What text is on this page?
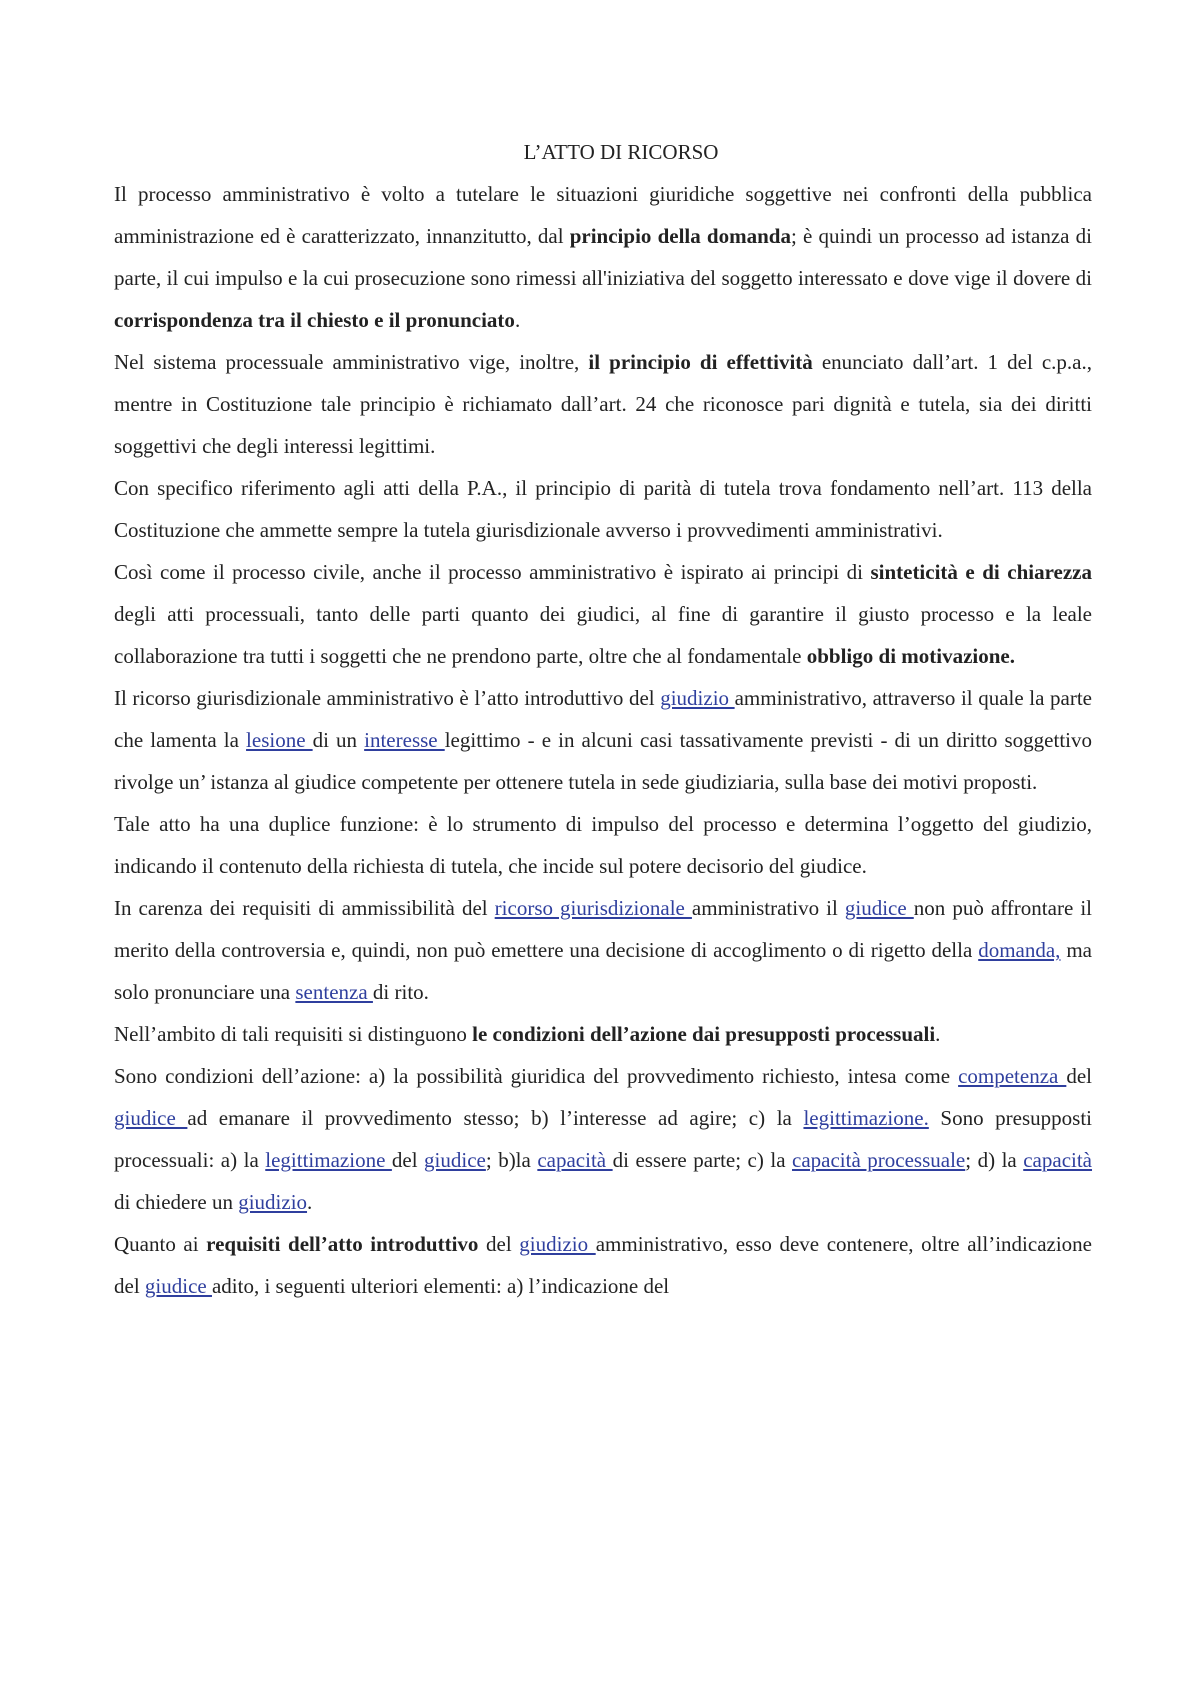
L’ATTO DI RICORSO

Il processo amministrativo è volto a tutelare le situazioni giuridiche soggettive nei confronti della pubblica amministrazione ed è caratterizzato, innanzitutto, dal principio della domanda; è quindi un processo ad istanza di parte, il cui impulso e la cui prosecuzione sono rimessi all'iniziativa del soggetto interessato e dove vige il dovere di corrispondenza tra il chiesto e il pronunciato.

Nel sistema processuale amministrativo vige, inoltre, il principio di effettività enunciato dall’art. 1 del c.p.a., mentre in Costituzione tale principio è richiamato dall’art. 24 che riconosce pari dignità e tutela, sia dei diritti soggettivi che degli interessi legittimi.

Con specifico riferimento agli atti della P.A., il principio di parità di tutela trova fondamento nell’art. 113 della Costituzione che ammette sempre la tutela giurisdizionale avverso i provvedimenti amministrativi.

Così come il processo civile, anche il processo amministrativo è ispirato ai principi di sinteticità e di chiarezza degli atti processuali, tanto delle parti quanto dei giudici, al fine di garantire il giusto processo e la leale collaborazione tra tutti i soggetti che ne prendono parte, oltre che al fondamentale obbligo di motivazione.

Il ricorso giurisdizionale amministrativo è l’atto introduttivo del giudizio amministrativo, attraverso il quale la parte che lamenta la lesione di un interesse legittimo - e in alcuni casi tassativamente previsti - di un diritto soggettivo rivolge un’ istanza al giudice competente per ottenere tutela in sede giudiziaria, sulla base dei motivi proposti.

Tale atto ha una duplice funzione: è lo strumento di impulso del processo e determina l’oggetto del giudizio, indicando il contenuto della richiesta di tutela, che incide sul potere decisorio del giudice.

In carenza dei requisiti di ammissibilità del ricorso giurisdizionale amministrativo il giudice non può affrontare il merito della controversia e, quindi, non può emettere una decisione di accoglimento o di rigetto della domanda, ma solo pronunciare una sentenza di rito.

Nell’ambito di tali requisiti si distinguono le condizioni dell’azione dai presupposti processuali.

Sono condizioni dell’azione: a) la possibilità giuridica del provvedimento richiesto, intesa come competenza del giudice ad emanare il provvedimento stesso; b) l’interesse ad agire; c) la legittimazione. Sono presupposti processuali: a) la legittimazione del giudice; b)la capacità di essere parte; c) la capacità processuale; d) la capacità di chiedere un giudizio.

Quanto ai requisiti dell’atto introduttivo del giudizio amministrativo, esso deve contenere, oltre all’indicazione del giudice adito, i seguenti ulteriori elementi: a) l’indicazione del
